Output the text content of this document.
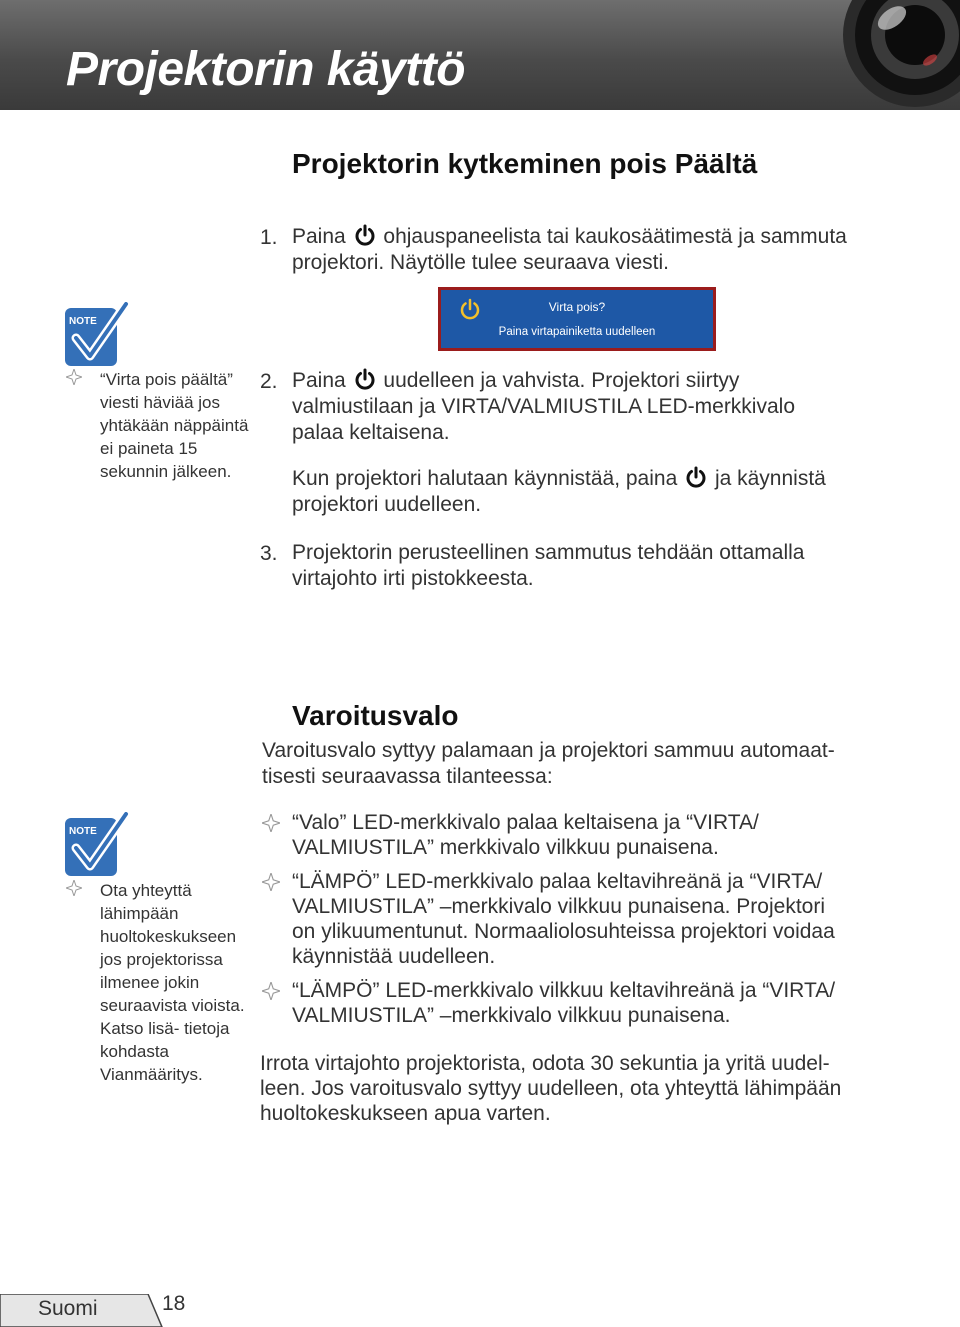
Projektorin käyttö
Projektorin kytkeminen pois Päältä
1. Paina ohjauspaneelista tai kaukosäätimestä ja sammuta
projektori. Näytölle tulee seuraava viesti.
Virta pois?
Paina virtapainiketta uudelleen
NOTE
“Virta pois päältä” viesti häviää jos yhtäkään näppäintä ei paineta 15 sekunnin jälkeen.
2. Paina uudelleen ja vahvista. Projektori siirtyy
valmiustilaan ja VIRTA/VALMIUSTILA LED-merkkivalo
palaa keltaisena.
Kun projektori halutaan käynnistää, paina ja käynnistä
projektori uudelleen.
3. Projektorin perusteellinen sammutus tehdään ottamalla
virtajohto irti pistokkeesta.
Varoitusvalo
Varoitusvalo syttyy palamaan ja projektori sammuu automaat-
tisesti seuraavassa tilanteessa:
NOTE
Ota yhteyttä lähimpään huoltokeskukseen jos projektorissa ilmenee jokin seuraavista vioista. Katso lisä- tietoja kohdasta Vianmääritys.
“Valo” LED-merkkivalo palaa keltaisena ja “VIRTA/
VALMIUSTILA” merkkivalo vilkkuu punaisena.
“LÄMPÖ” LED-merkkivalo palaa keltavihreänä ja “VIRTA/
VALMIUSTILA” –merkkivalo vilkkuu punaisena. Projektori
on ylikuumentunut. Normaaliolosuhteissa projektori voidaa
käynnistää uudelleen.
“LÄMPÖ” LED-merkkivalo vilkkuu keltavihreänä ja “VIRTA/
VALMIUSTILA” –merkkivalo vilkkuu punaisena.
Irrota virtajohto projektorista, odota 30 sekuntia ja yritä uudel-
leen. Jos varoitusvalo syttyy uudelleen, ota yhteyttä lähimpään
huoltokeskukseen apua varten.
Suomi	18
